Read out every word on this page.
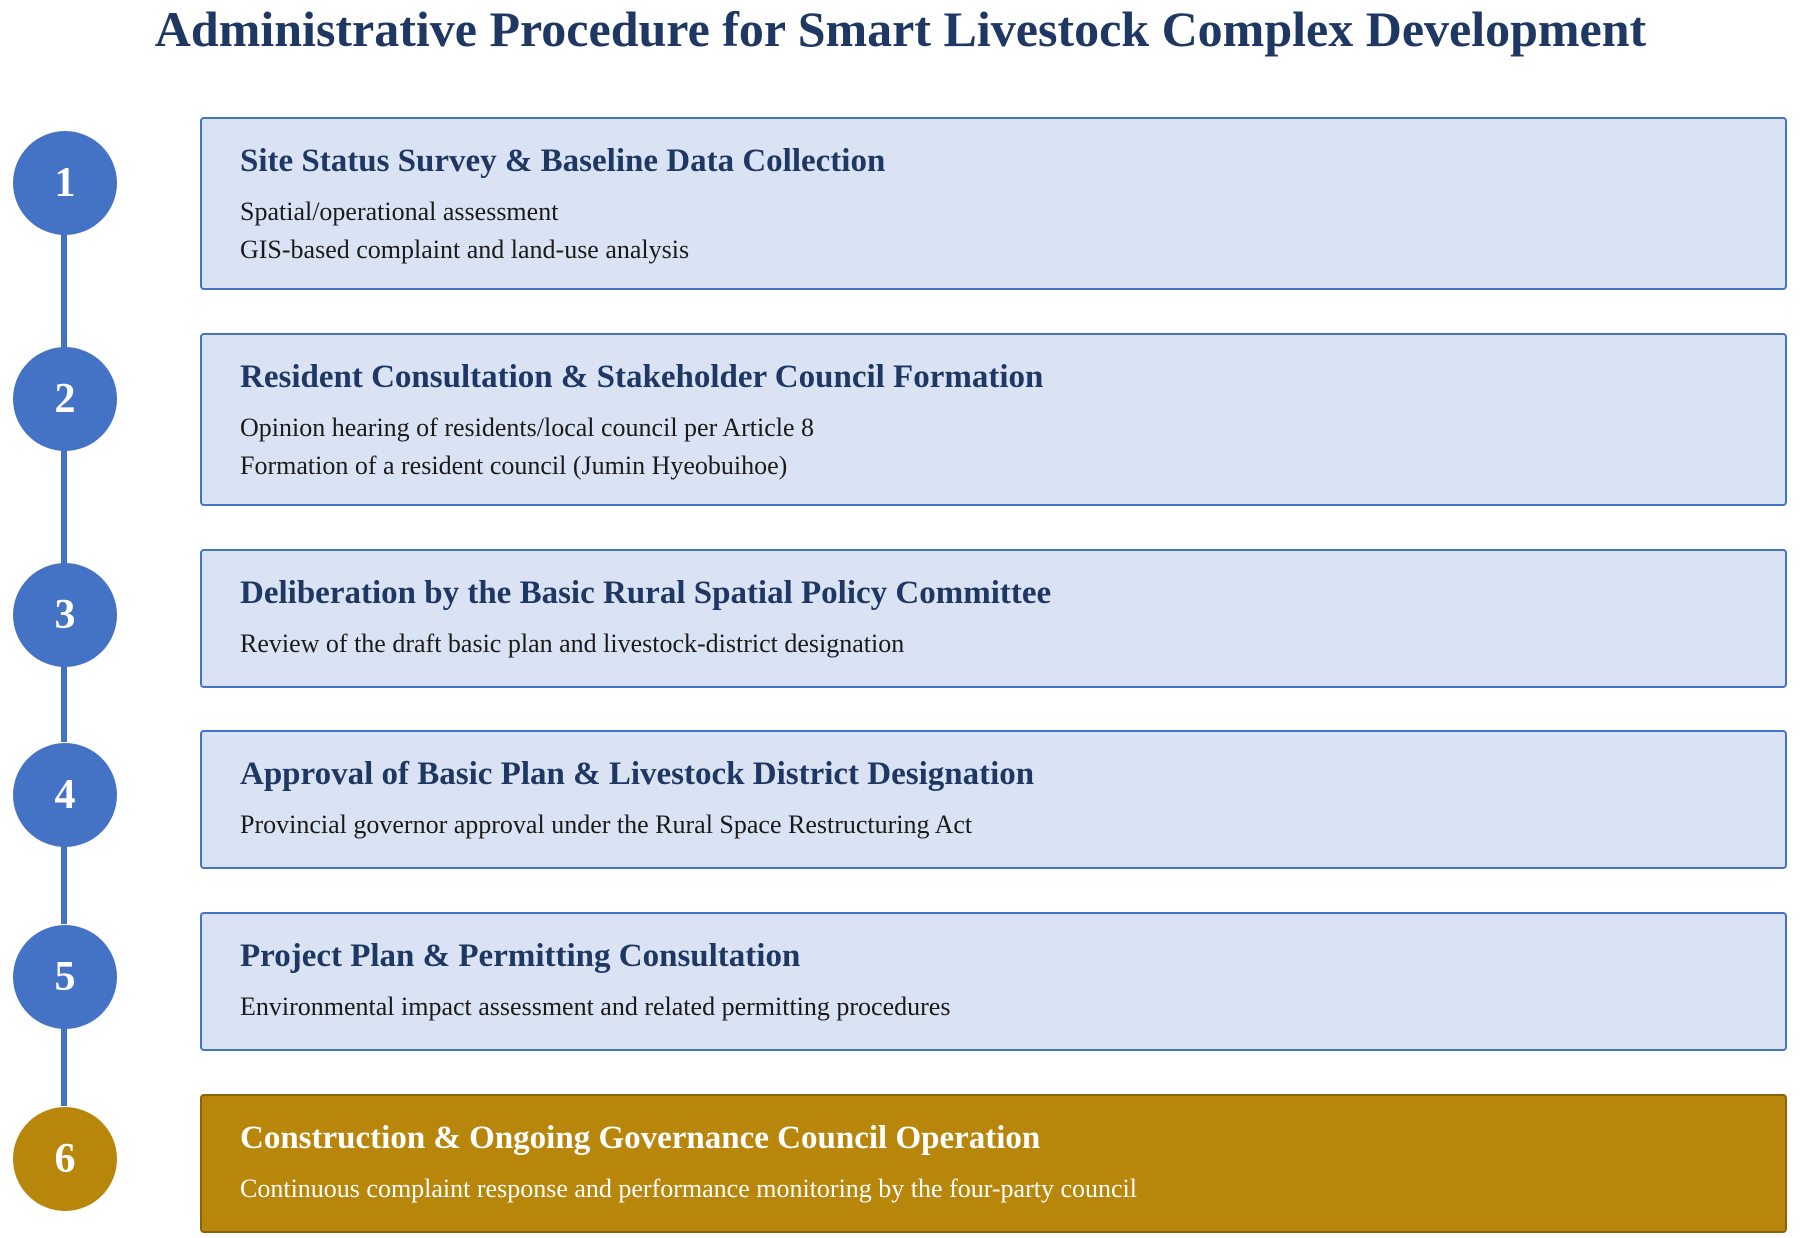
Administrative Procedure for Smart Livestock Complex Development
1	Site Status Survey & Baseline Data Collection
Spatial/operational assessment
GIS-based complaint and land-use analysis
2	Resident Consultation & Stakeholder Council Formation
Opinion hearing of residents/local council per Article 8
Formation of a resident council (Jumin Hyeobuihoe)
3	Deliberation by the Basic Rural Spatial Policy Committee
Review of the draft basic plan and livestock-district designation
4	Approval of Basic Plan & Livestock District Designation
Provincial governor approval under the Rural Space Restructuring Act
5	Project Plan & Permitting Consultation
Environmental impact assessment and related permitting procedures
6	Construction & Ongoing Governance Council Operation
Continuous complaint response and performance monitoring by the four-party council
